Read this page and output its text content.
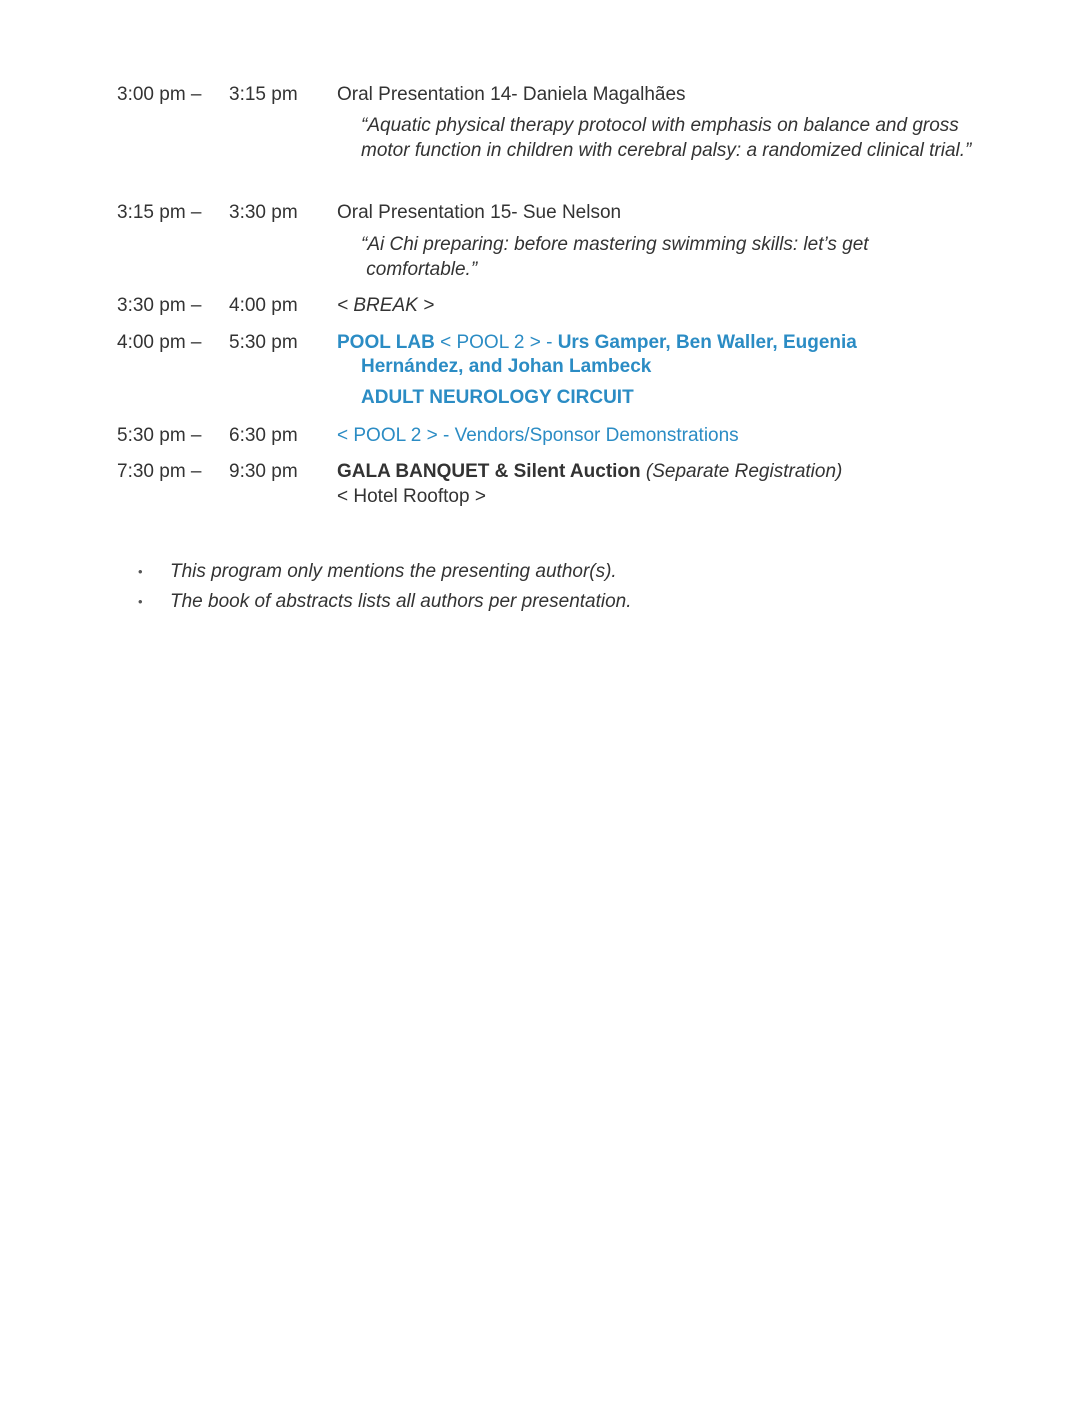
3:00 pm – 3:15 pm Oral Presentation 14- Daniela Magalhães
“Aquatic physical therapy protocol with emphasis on balance and gross motor function in children with cerebral palsy: a randomized clinical trial.”
3:15 pm – 3:30 pm Oral Presentation 15- Sue Nelson
“Ai Chi preparing: before mastering swimming skills: let’s get
comfortable.”
3:30 pm – 4:00 pm < BREAK >
4:00 pm – 5:30 pm POOL LAB < POOL 2 > - Urs Gamper, Ben Waller, Eugenia
Hernández, and Johan Lambeck
ADULT NEUROLOGY CIRCUIT
5:30 pm – 6:30 pm < POOL 2 > - Vendors/Sponsor Demonstrations
7:30 pm – 9:30 pm GALA BANQUET & Silent Auction (Separate Registration)
< Hotel Rooftop >
• This program only mentions the presenting author(s).
• The book of abstracts lists all authors per presentation.
